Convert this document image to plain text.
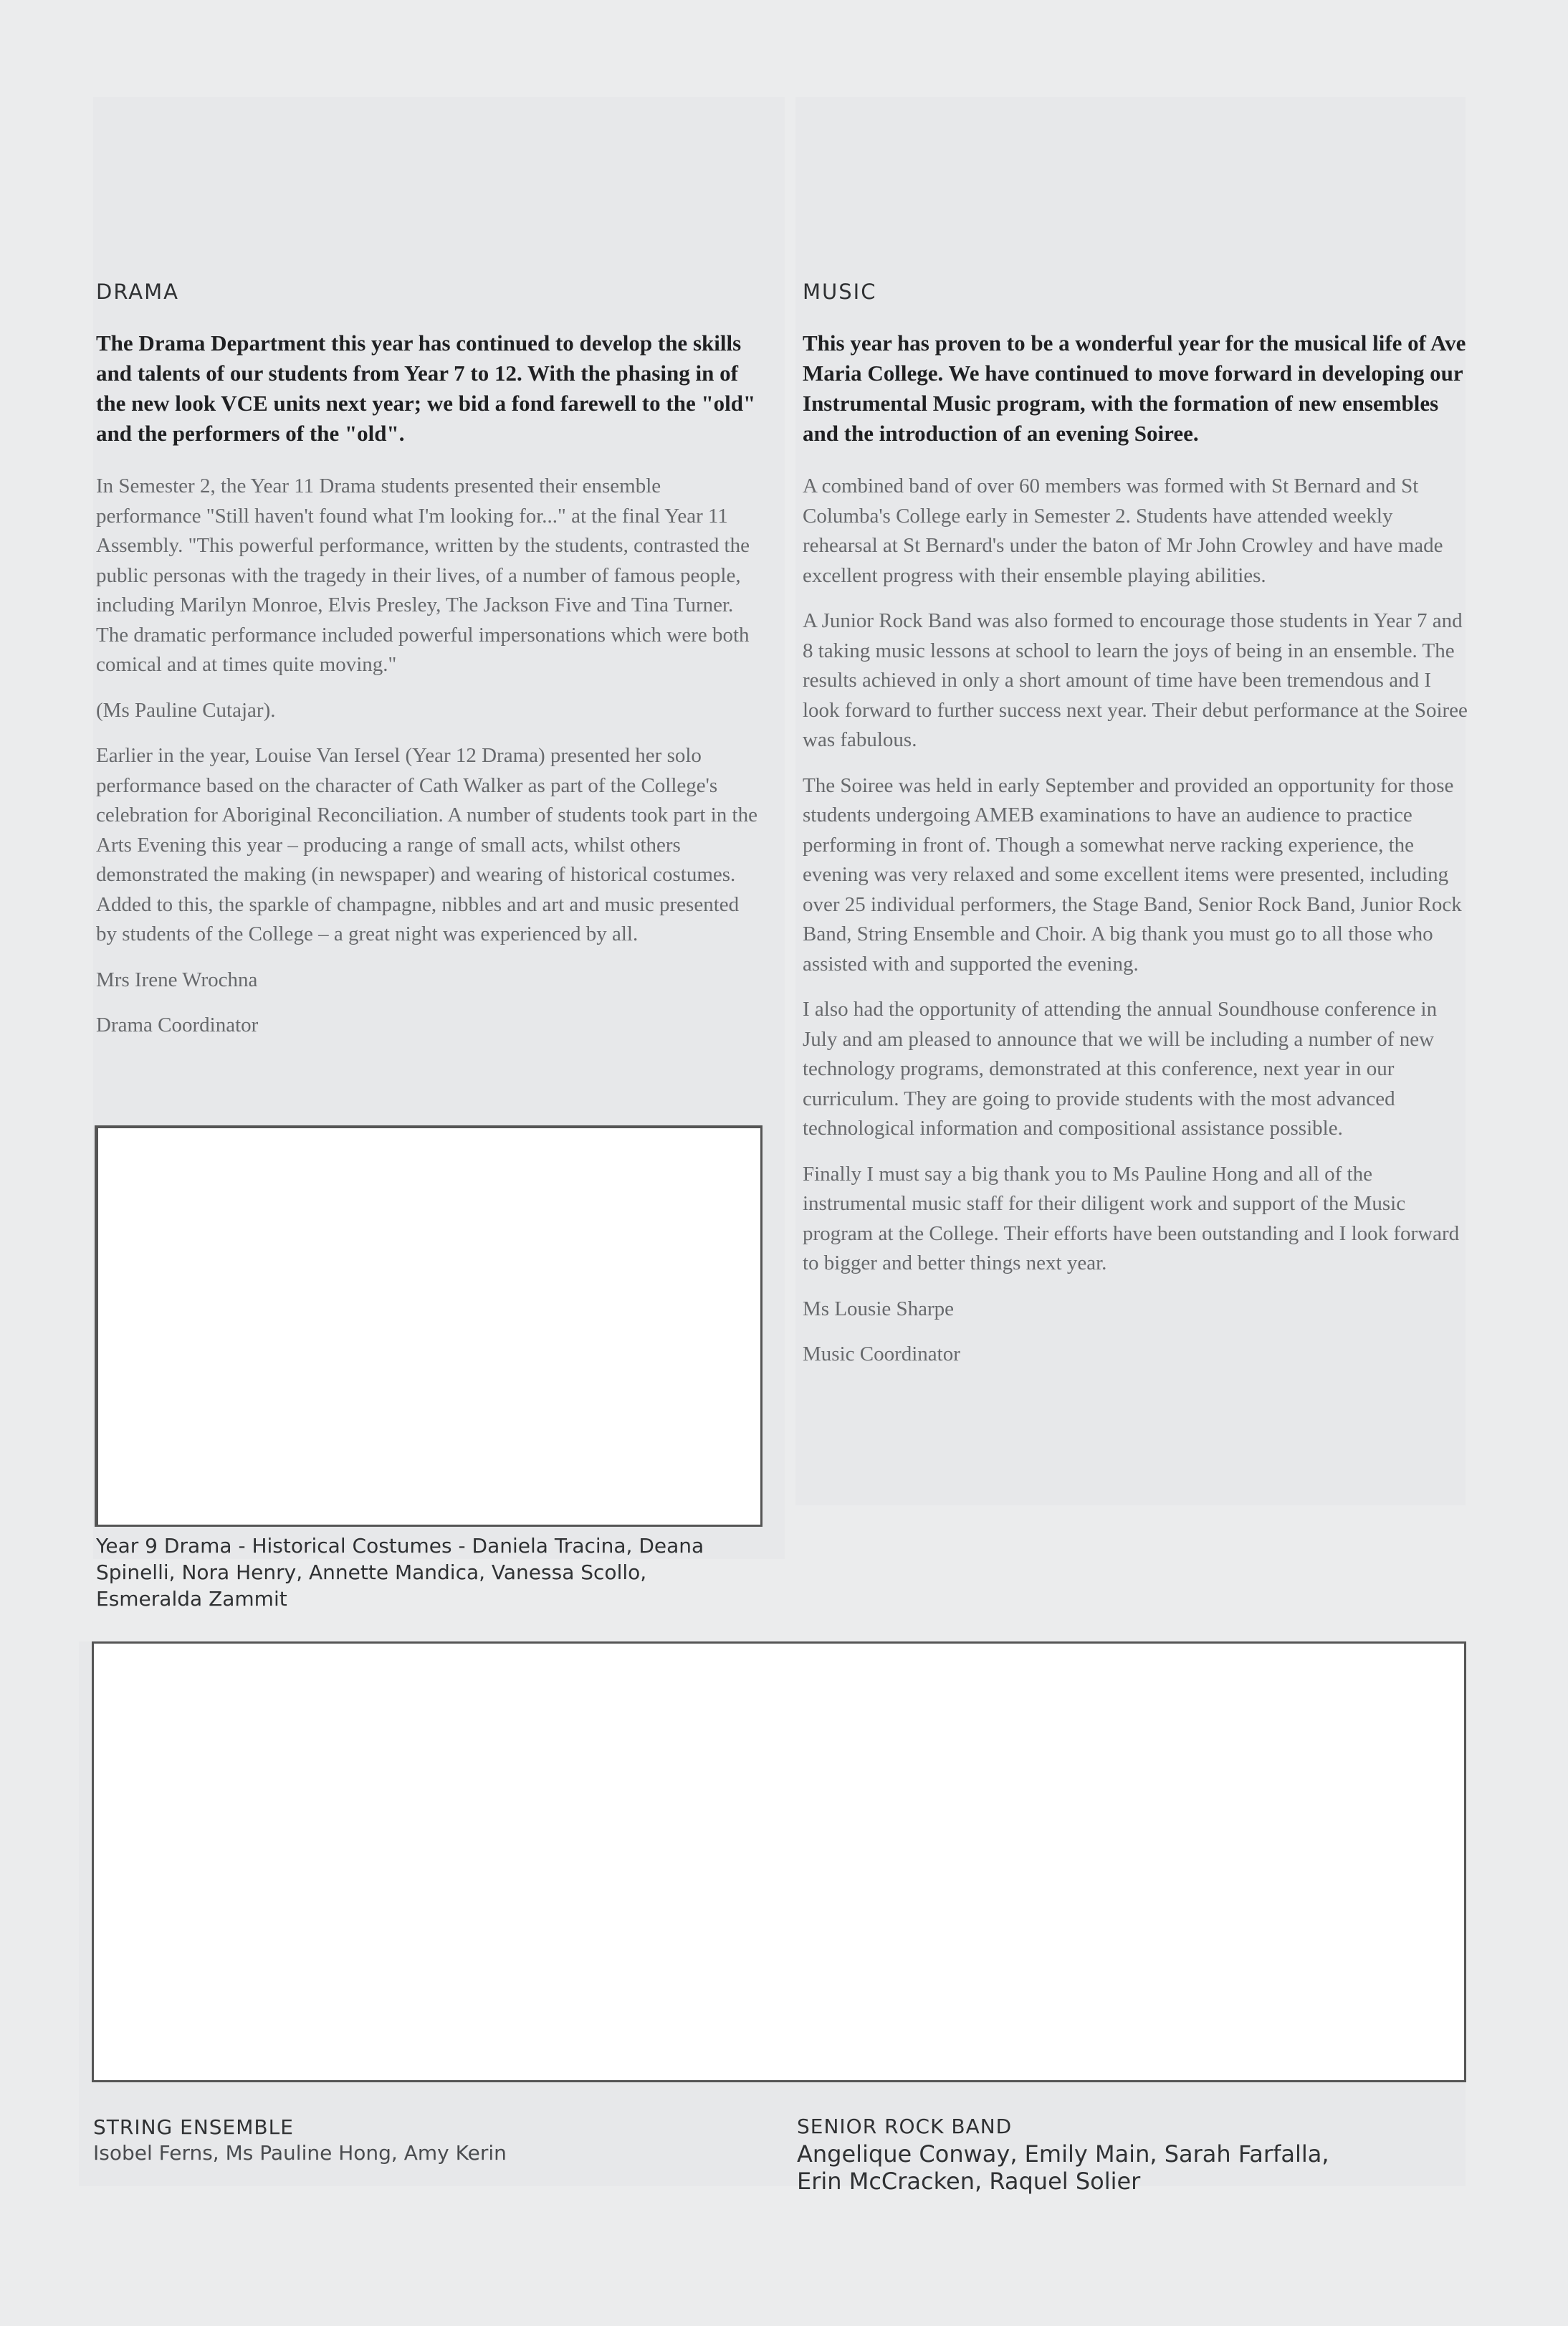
DRAMA

The Drama Department this year has continued to develop the skills and talents of our students from Year 7 to 12. With the phasing in of the new look VCE units next year; we bid a fond farewell to the "old" and the performers of the "old".

In Semester 2, the Year 11 Drama students presented their ensemble performance "Still haven't found what I'm looking for..." at the final Year 11 Assembly. "This powerful performance, written by the students, contrasted the public personas with the tragedy in their lives, of a number of famous people, including Marilyn Monroe, Elvis Presley, The Jackson Five and Tina Turner. The dramatic performance included powerful impersonations which were both comical and at times quite moving."

(Ms Pauline Cutajar).

Earlier in the year, Louise Van Iersel (Year 12 Drama) presented her solo performance based on the character of Cath Walker as part of the College's celebration for Aboriginal Reconciliation. A number of students took part in the Arts Evening this year – producing a range of small acts, whilst others demonstrated the making (in newspaper) and wearing of historical costumes. Added to this, the sparkle of champagne, nibbles and art and music presented by students of the College – a great night was experienced by all.

Mrs Irene Wrochna

Drama Coordinator

MUSIC

This year has proven to be a wonderful year for the musical life of Ave Maria College. We have continued to move forward in developing our Instrumental Music program, with the formation of new ensembles and the introduction of an evening Soiree.

A combined band of over 60 members was formed with St Bernard and St Columba's College early in Semester 2. Students have attended weekly rehearsal at St Bernard's under the baton of Mr John Crowley and have made excellent progress with their ensemble playing abilities.

A Junior Rock Band was also formed to encourage those students in Year 7 and 8 taking music lessons at school to learn the joys of being in an ensemble. The results achieved in only a short amount of time have been tremendous and I look forward to further success next year. Their debut performance at the Soiree was fabulous.

The Soiree was held in early September and provided an opportunity for those students undergoing AMEB examinations to have an audience to practice performing in front of. Though a somewhat nerve racking experience, the evening was very relaxed and some excellent items were presented, including over 25 individual performers, the Stage Band, Senior Rock Band, Junior Rock Band, String Ensemble and Choir. A big thank you must go to all those who assisted with and supported the evening.

I also had the opportunity of attending the annual Soundhouse conference in July and am pleased to announce that we will be including a number of new technology programs, demonstrated at this conference, next year in our curriculum. They are going to provide students with the most advanced technological information and compositional assistance possible.

Finally I must say a big thank you to Ms Pauline Hong and all of the instrumental music staff for their diligent work and support of the Music program at the College. Their efforts have been outstanding and I look forward to bigger and better things next year.

Ms Lousie Sharpe

Music Coordinator

Year 9 Drama - Historical Costumes - Daniela Tracina, Deana Spinelli, Nora Henry, Annette Mandica, Vanessa Scollo, Esmeralda Zammit
STRING ENSEMBLE
Isobel Ferns, Ms Pauline Hong, Amy Kerin
SENIOR ROCK BAND
Angelique Conway, Emily Main, Sarah Farfalla,
Erin McCracken, Raquel Solier
